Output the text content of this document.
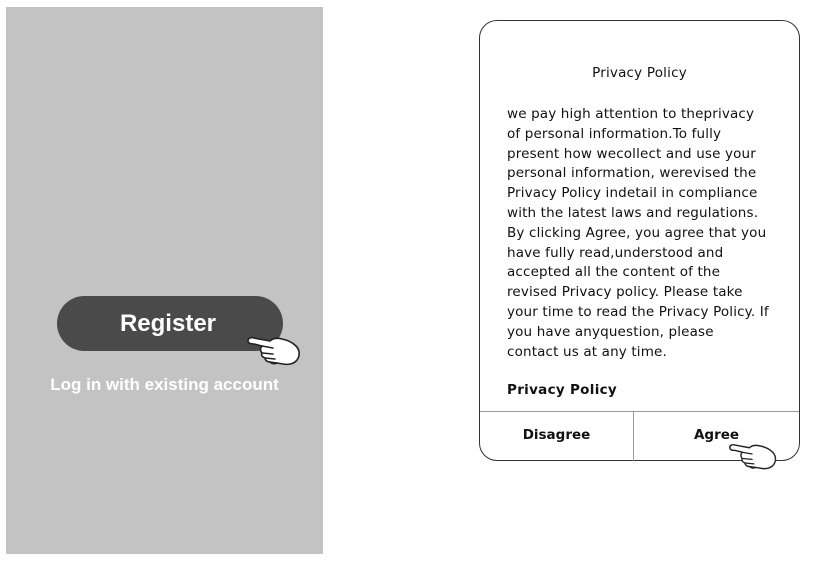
Register
Log in with existing account
Privacy Policy
we pay high attention to theprivacy
of personal information.To fully
present how wecollect and use your
personal information, werevised the
Privacy Policy indetail in compliance
with the latest laws and regulations.
By clicking Agree, you agree that you
have fully read,understood and
accepted all the content of the
revised Privacy policy. Please take
your time to read the Privacy Policy. If
you have anyquestion, please
contact us at any time.
Privacy Policy
Disagree	Agree
